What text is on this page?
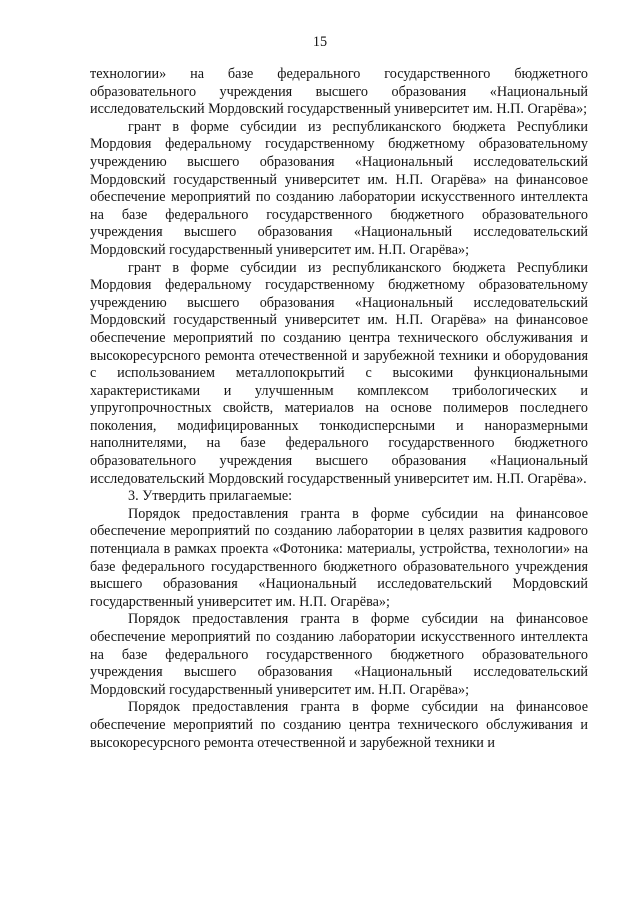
15

технологии» на базе федерального государственного бюджетного образовательного учреждения высшего образования «Национальный исследовательский Мордовский государственный университет им. Н.П. Огарёва»;

грант в форме субсидии из республиканского бюджета Республики Мордовия федеральному государственному бюджетному образовательному учреждению высшего образования «Национальный исследовательский Мордовский государственный университет им. Н.П. Огарёва» на финансовое обеспечение мероприятий по созданию лаборатории искусственного интеллекта на базе федерального государственного бюджетного образовательного учреждения высшего образования «Национальный исследовательский Мордовский государственный университет им. Н.П. Огарёва»;

грант в форме субсидии из республиканского бюджета Республики Мордовия федеральному государственному бюджетному образовательному учреждению высшего образования «Национальный исследовательский Мордовский государственный университет им. Н.П. Огарёва» на финансовое обеспечение мероприятий по созданию центра технического обслуживания и высокоресурсного ремонта отечественной и зарубежной техники и оборудования с использованием металлопокрытий с высокими функциональными характеристиками и улучшенным комплексом трибологических и упругопрочностных свойств, материалов на основе полимеров последнего поколения, модифицированных тонкодисперсными и наноразмерными наполнителями, на базе федерального государственного бюджетного образовательного учреждения высшего образования «Национальный исследовательский Мордовский государственный университет им. Н.П. Огарёва».

3. Утвердить прилагаемые:

Порядок предоставления гранта в форме субсидии на финансовое обеспечение мероприятий по созданию лаборатории в целях развития кадрового потенциала в рамках проекта «Фотоника: материалы, устройства, технологии» на базе федерального государственного бюджетного образовательного учреждения высшего образования «Национальный исследовательский Мордовский государственный университет им. Н.П. Огарёва»;

Порядок предоставления гранта в форме субсидии на финансовое обеспечение мероприятий по созданию лаборатории искусственного интеллекта на базе федерального государственного бюджетного образовательного учреждения высшего образования «Национальный исследовательский Мордовский государственный университет им. Н.П. Огарёва»;

Порядок предоставления гранта в форме субсидии на финансовое обеспечение мероприятий по созданию центра технического обслуживания и высокоресурсного ремонта отечественной и зарубежной техники и
